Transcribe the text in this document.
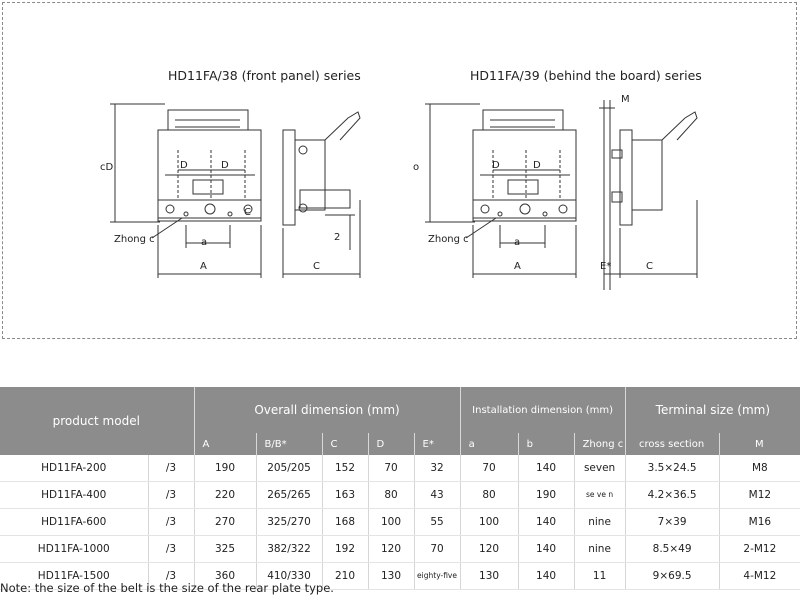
HD11FA/38 (front panel) series	HD11FA/39 (behind the board) series
cD	D	D
C
Zhong c	a
A	C
2
o	D	D
Zhong c	a
A
M
E*	C
product model		Overall dimension (mm)					Installation dimension (mm)			Terminal size (mm)	
		A	B/B*	C	D	E*	a	b	Zhong c	cross section	M
HD11FA-200	/3	190	205/205	152	70	32	70	140	seven	3.5×24.5	M8
HD11FA-400	/3	220	265/265	163	80	43	80	190	se ve n	4.2×36.5	M12
HD11FA-600	/3	270	325/270	168	100	55	100	140	nine	7×39	M16
HD11FA-1000	/3	325	382/322	192	120	70	120	140	nine	8.5×49	2-M12
HD11FA-1500	/3	360	410/330	210	130	eighty-five	130	140	11	9×69.5	4-M12
Note: the size of the belt is the size of the rear plate type.
